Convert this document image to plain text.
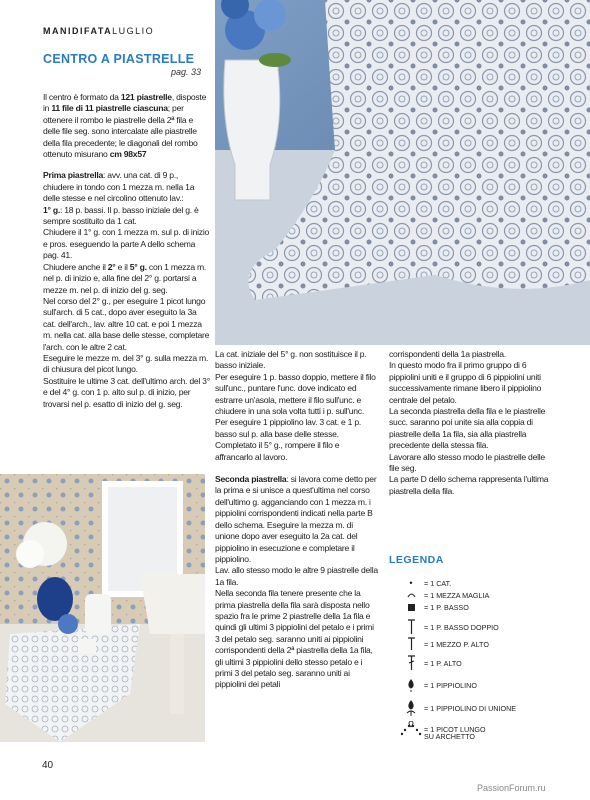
MANIDIFATALUGLIO
CENTRO A PIASTRELLE
pag. 33

Il centro è formato da 121 piastrelle, disposte in 11 file di 11 piastrelle ciascuna; per ottenere il rombo le piastrelle della 2ª fila e delle file seg. sono intercalate alle piastrelle della fila precedente; le diagonali del rombo ottenuto misurano cm 98x57

Prima piastrella: avv. una cat. di 9 p., chiudere in tondo con 1 mezza m. nella 1a delle stesse e nel circolino ottenuto lav.:
1° g.: 18 p. bassi. Il p. basso iniziale del g. è sempre sostituito da 1 cat.

Chiudere il 1° g. con 1 mezza m. sul p. di inizio e pros. eseguendo la parte A dello schema pag. 41.

Chiudere anche il 2° e il 5° g. con 1 mezza m. nel p. di inizio e, alla fine del 2° g. portarsi a mezze m. nel p. di inizio del g. seg.

Nel corso del 2° g., per eseguire 1 picot lungo sull'arch. di 5 cat., dopo aver eseguito la 3a cat. dell'arch., lav. altre 10 cat. e poi 1 mezza m. nella cat. alla base delle stesse, completare l'arch. con le altre 2 cat.

Eseguire le mezze m. del 3° g. sulla mezza m. di chiusura del picot lungo.

Sostituire le ultime 3 cat. dell'ultimo arch. del 3° e del 4° g. con 1 p. alto sul p. di inizio, per trovarsi nel p. esatto di inizio del g. seg.

La cat. iniziale del 5° g. non sostituisce il p. basso iniziale.

Per eseguire 1 p. basso doppio, mettere il filo sull'unc., puntare l'unc. dove indicato ed estrarre un'asola, mettere il filo sull'unc. e chiudere in una sola volta tutti i p. sull'unc.

Per eseguire 1 pippiolino lav. 3 cat. e 1 p. basso sul p. alla base delle stesse.

Completato il 5° g., rompere il filo e affrancarlo al lavoro.

Seconda piastrella: si lavora come detto per la prima e si unisce a quest'ultima nel corso dell'ultimo g. agganciando con 1 mezza m. i pippiolini corrispondenti indicati nella parte B dello schema. Eseguire la mezza m. di unione dopo aver eseguito la 2a cat. del pippiolino in esecuzione e completare il pippiolino.

Lav. allo stesso modo le altre 9 piastrelle della 1a fila.

Nella seconda fila tenere presente che la prima piastrella della fila sarà disposta nello spazio fra le prime 2 piastrelle della 1a fila e quindi gli ultimi 3 pippiolini del petalo e i primi 3 del petalo seg. saranno uniti ai pippiolini corrispondenti della 2ª piastrella della 1a fila, gli ultimi 3 pippiolini dello stesso petalo e i primi 3 del petalo seg. saranno uniti ai pippiolini dei petali

corrispondenti della 1a piastrella.

In questo modo fra il primo gruppo di 6 pippiolini uniti e il gruppo di 6 pippiolini uniti successivamente rimane libero il pippiolino centrale del petalo.

La seconda piastrella della fila e le piastrelle succ. saranno poi unite sia alla coppia di piastrelle della 1a fila, sia alla piastrella precedente della stessa fila.

Lavorare allo stesso modo le piastrelle delle file seg.

La parte D dello schema rappresenta l'ultima piastrella della fila.

LEGENDA
•	= 1 CAT.
= 1 MEZZA MAGLIA
= 1 P. BASSO
= 1 P. BASSO DOPPIO
= 1 MEZZO P. ALTO
= 1 P. ALTO
= 1 PIPPIOLINO
= 1 PIPPIOLINO DI UNIONE
= 1 PICOT LUNGO
SU ARCHETTO
40
PassionForum.ru
